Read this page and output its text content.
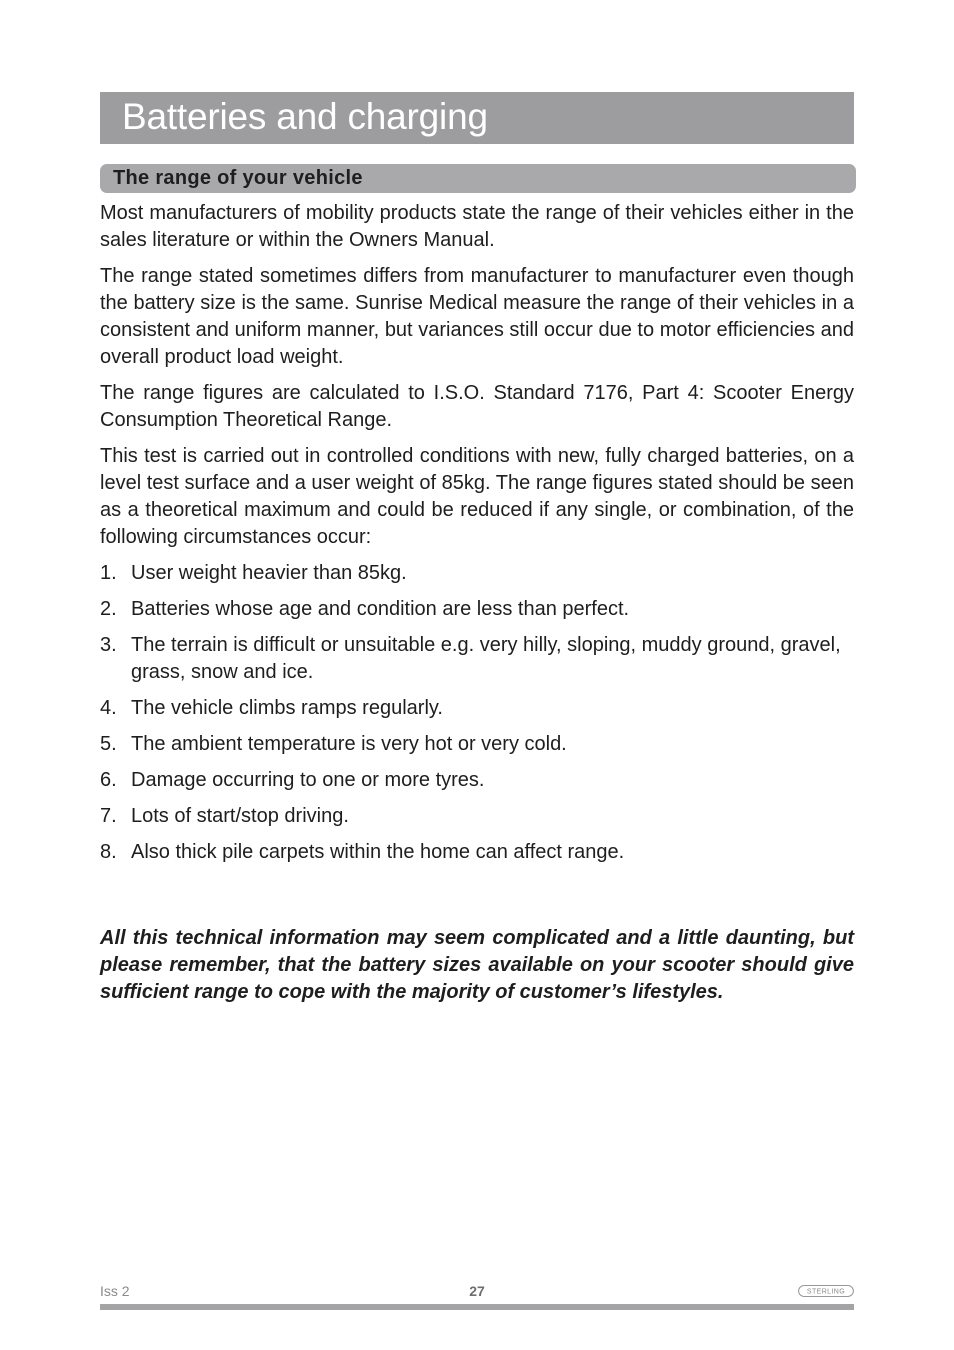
Batteries and charging
The range of your vehicle

Most manufacturers of mobility products state the range of their vehicles either in the sales literature or within the Owners Manual.

The range stated sometimes differs from manufacturer to manufacturer even though the battery size is the same. Sunrise Medical measure the range of their vehicles in a consistent and uniform manner, but variances still occur due to motor efficiencies and overall product load weight.

The range figures are calculated to I.S.O. Standard 7176, Part 4: Scooter Energy Consumption Theoretical Range.

This test is carried out in controlled conditions with new, fully charged batteries, on a level test surface and a user weight of 85kg. The range figures stated should be seen as a theoretical maximum and could be reduced if any single, or combination, of the following circumstances occur:

1. User weight heavier than 85kg.
2. Batteries whose age and condition are less than perfect.
3. The terrain is difficult or unsuitable e.g. very hilly, sloping, muddy ground, gravel, grass, snow and ice.
4. The vehicle climbs ramps regularly.
5. The ambient temperature is very hot or very cold.
6. Damage occurring to one or more tyres.
7. Lots of start/stop driving.
8. Also thick pile carpets within the home can affect range.

All this technical information may seem complicated and a little daunting, but please remember, that the battery sizes available on your scooter should give sufficient range to cope with the majority of customer’s lifestyles.

Iss 2	27	STERLING
